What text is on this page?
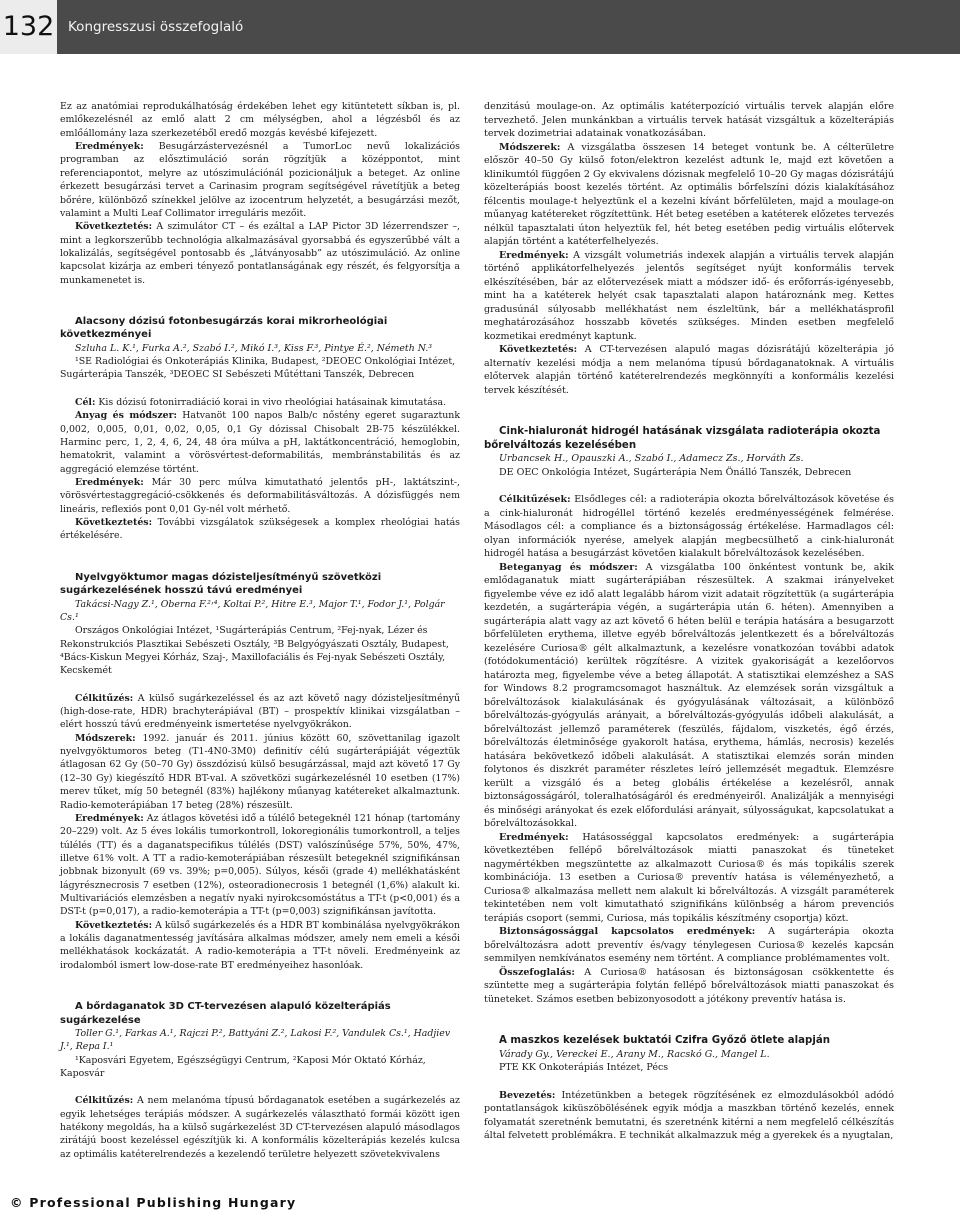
132 Kongresszusi összefoglaló

Ez az anatómiai reprodukálhatóság érdekében lehet egy kitüntetett síkban is, pl. emlőkezelésnél az emlő alatt 2 cm mélységben, ahol a légzésből és az emlőállomány laza szerkezetéből eredő mozgás kevésbé kifejezett.

Eredmények: Besugárzástervezésnél a TumorLoc nevű lokalizációs programban az elősztimuláció során rögzítjük a középpontot, mint referenciapontot, melyre az utószimulációnál pozicionáljuk a beteget. Az online érkezett besugárzási tervet a Carinasim program segítségével rávetítjük a beteg bőrére, különböző színekkel jelölve az izocentrum helyzetét, a besugárzási mezőt, valamint a Multi Leaf Collimator irreguláris mezőit.

Következtetés: A szimulátor CT – és ezáltal a LAP Pictor 3D lézerrendszer –, mint a legkorszerűbb technológia alkalmazásával gyorsabbá és egyszerűbbé vált a lokalizálás, segítségével pontosabb és „látványosabb” az utószimuláció. Az online kapcsolat kizárja az emberi tényező pontatlanságának egy részét, és felgyorsítja a munkamenetet is.

Alacsony dózisú fotonbesugárzás korai mikrorheológiai következményei

Szluha L. K.¹, Furka A.², Szabó I.², Mikó I.³, Kiss F.³, Pintye É.², Németh N.³

¹SE Radiológiai és Onkoterápiás Klinika, Budapest, ²DEOEC Onkológiai Intézet, Sugárterápia Tanszék, ³DEOEC SI Sebészeti Műtéttani Tanszék, Debrecen

Cél: Kis dózisú fotonirradiáció korai in vivo rheológiai hatásainak kimutatása.

Anyag és módszer: Hatvanöt 100 napos Balb/c nőstény egeret sugaraztunk 0,002, 0,005, 0,01, 0,02, 0,05, 0,1 Gy dózissal Chisobalt 2B-75 készülékkel. Harminc perc, 1, 2, 4, 6, 24, 48 óra múlva a pH, laktátkoncentráció, hemoglobin, hematokrit, valamint a vörösvértest-deformabilitás, membránstabilitás és az aggregáció elemzése történt.

Eredmények: Már 30 perc múlva kimutatható jelentős pH-, laktátszint-, vörösvértestaggregáció-csökkenés és deformabilitásváltozás. A dózisfüggés nem lineáris, reflexiós pont 0,01 Gy-nél volt mérhető.

Következtetés: További vizsgálatok szükségesek a komplex rheológiai hatás értékelésére.

Nyelvgyöktumor magas dózisteljesítményű szövetközi sugárkezelésének hosszú távú eredményei

Takácsi-Nagy Z.¹, Oberna F.²˒⁴, Koltai P.², Hitre E.³, Major T.¹, Fodor J.¹, Polgár Cs.¹

Országos Onkológiai Intézet, ¹Sugárterápiás Centrum, ²Fej-nyak, Lézer és Rekonstrukciós Plasztikai Sebészeti Osztály, ³B Belgyógyászati Osztály, Budapest, ⁴Bács-Kiskun Megyei Kórház, Szaj-, Maxillofaciális és Fej-nyak Sebészeti Osztály, Kecskemét

Célkitűzés: A külső sugárkezeléssel és az azt követő nagy dózisteljesítményű (high-dose-rate, HDR) brachyterápiával (BT) – prospektív klinikai vizsgálatban – elért hosszú távú eredményeink ismertetése nyelvgyökrákon.

Módszerek: 1992. január és 2011. június között 60, szövettanilag igazolt nyelvgyöktumoros beteg (T1-4N0-3M0) definitív célú sugárterápiáját végeztük átlagosan 62 Gy (50–70 Gy) összdózisú külső besugárzással, majd azt követő 17 Gy (12–30 Gy) kiegészítő HDR BT-val. A szövetközi sugárkezelésnél 10 esetben (17%) merev tűket, míg 50 betegnél (83%) hajlékony műanyag katétereket alkalmaztunk. Radio-kemoterápiában 17 beteg (28%) részesült.

Eredmények: Az átlagos követési idő a túlélő betegeknél 121 hónap (tartomány 20–229) volt. Az 5 éves lokális tumorkontroll, lokoregionális tumorkontroll, a teljes túlélés (TT) és a daganatspecifikus túlélés (DST) valószínűsége 57%, 50%, 47%, illetve 61% volt. A TT a radio-kemoterápiában részesült betegeknél szignifikánsan jobbnak bizonyult (69 vs. 39%; p=0,005). Súlyos, késői (grade 4) mellékhatásként lágyrésznecrosis 7 esetben (12%), osteoradionecrosis 1 betegnél (1,6%) alakult ki. Multivariációs elemzésben a negatív nyaki nyirokcsomóstátus a TT-t (p<0,001) és a DST-t (p=0,017), a radio-kemoterápia a TT-t (p=0,003) szignifikánsan javította.

Következtetés: A külső sugárkezelés és a HDR BT kombinálása nyelvgyökrákon a lokális daganatmentesség javítására alkalmas módszer, amely nem emeli a késői mellékhatások kockázatát. A radio-kemoterápia a TT-t növeli. Eredményeink az irodalomból ismert low-dose-rate BT eredményeihez hasonlóak.

A bőrdaganatok 3D CT-tervezésen alapuló közelterápiás sugárkezelése

Toller G.¹, Farkas A.¹, Rajczi P.², Battyáni Z.², Lakosi F.², Vandulek Cs.¹, Hadjiev J.¹, Repa I.¹

¹Kaposvári Egyetem, Egészségügyi Centrum, ²Kaposi Mór Oktató Kórház, Kaposvár

Célkitűzés: A nem melanóma típusú bőrdaganatok esetében a sugárkezelés az egyik lehetséges terápiás módszer. A sugárkezelés választható formái között igen hatékony megoldás, ha a külső sugárkezelést 3D CT-tervezésen alapuló másodlagos zirátájú boost kezeléssel egészítjük ki. A konformális közelterápiás kezelés kulcsa az optimális katéterelrendezés a kezelendő területre helyezett szövetekvivalens

denzitású moulage-on. Az optimális katéterpozíció virtuális tervek alapján előre tervezhető. Jelen munkánkban a virtuális tervek hatását vizsgáltuk a közelterápiás tervek dozimetriai adatainak vonatkozásában.

Módszerek: A vizsgálatba összesen 14 beteget vontunk be. A célterületre először 40–50 Gy külső foton/elektron kezelést adtunk le, majd ezt követően a klinikumtól függően 2 Gy ekvivalens dózisnak megfelelő 10–20 Gy magas dózisrátájú közelterápiás boost kezelés történt. Az optimális bőrfelszíni dózis kialakításához félcentis moulage-t helyeztünk el a kezelni kívánt bőrfelületen, majd a moulage-on műanyag katétereket rögzítettünk. Hét beteg esetében a katéterek előzetes tervezés nélkül tapasztalati úton helyeztük fel, hét beteg esetében pedig virtuális előtervek alapján történt a katéterfelhelyezés.

Eredmények: A vizsgált volumetriás indexek alapján a virtuális tervek alapján történő applikátorfelhelyezés jelentős segítséget nyújt konformális tervek elkészítésében, bár az előtervezések miatt a módszer idő- és erőforrás-igényesebb, mint ha a katéterek helyét csak tapasztalati alapon határoznánk meg. Kettes gradusúnál súlyosabb mellékhatást nem észleltünk, bár a mellékhatásprofil meghatározásához hosszabb követés szükséges. Minden esetben megfelelő kozmetikai eredményt kaptunk.

Következtetés: A CT-tervezésen alapuló magas dózisrátájú közelterápia jó alternatív kezelési módja a nem melanóma típusú bőrdaganatoknak. A virtuális előtervek alapján történő katéterelrendezés megkönnyíti a konformális kezelési tervek készítését.

Cink-hialuronát hidrogél hatásának vizsgálata radioterápia okozta bőrelváltozás kezelésében

Urbancsek H., Opauszki A., Szabó I., Adamecz Zs., Horváth Zs.

DE OEC Onkológia Intézet, Sugárterápia Nem Önálló Tanszék, Debrecen

Célkitűzések: Elsődleges cél: a radioterápia okozta bőrelváltozások követése és a cink-hialuronát hidrogéllel történő kezelés eredményességének felmérése. Másodlagos cél: a compliance és a biztonságosság értékelése. Harmadlagos cél: olyan információk nyerése, amelyek alapján megbecsülhető a cink-hialuronát hidrogél hatása a besugárzást követően kialakult bőrelváltozások kezelésében.

Beteganyag és módszer: A vizsgálatba 100 önkéntest vontunk be, akik emlődaganatuk miatt sugárterápiában részesültek. A szakmai irányelveket figyelembe véve ez idő alatt legalább három vizit adatait rögzítettük (a sugárterápia kezdetén, a sugárterápia végén, a sugárterápia után 6. héten). Amennyiben a sugárterápia alatt vagy az azt követő 6 héten belül e terápia hatására a besugarzott bőrfelületen erythema, illetve egyéb bőrelváltozás jelentkezett és a bőrelváltozás kezelésére Curiosa® gélt alkalmaztunk, a kezelésre vonatkozóan további adatok (fotódokumentáció) kerültek rögzítésre. A vizitek gyakoriságát a kezelőorvos határozta meg, figyelembe véve a beteg állapotát. A statisztikai elemzéshez a SAS for Windows 8.2 programcsomagot használtuk. Az elemzések során vizsgáltuk a bőrelváltozások kialakulásának és gyógyulásának változásait, a különböző bőrelváltozás-gyógyulás arányait, a bőrelváltozás-gyógyulás időbeli alakulását, a bőrelváltozást jellemző paraméterek (feszülés, fájdalom, viszketés, égő érzés, bőrelváltozás életminősége gyakorolt hatása, erythema, hámlás, necrosis) kezelés hatására bekövetkező időbeli alakulását. A statisztikai elemzés során minden folytonos és diszkrét paraméter részletes leíró jellemzését megadtuk. Elemzésre került a vizsgáló és a beteg globális értékelése a kezelésről, annak biztonságosságáról, toleralhatóságáról és eredményeiről. Analizálják a mennyiségi és minőségi arányokat és ezek előfordulási arányait, súlyosságukat, kapcsolatukat a bőrelváltozásokkal.

Eredmények: Hatásosséggal kapcsolatos eredmények: a sugárterápia következtében fellépő bőrelváltozások miatti panaszokat és tüneteket nagymértékben megszüntette az alkalmazott Curiosa® és más topikális szerek kombinációja. 13 esetben a Curiosa® preventív hatása is véleményezhető, a Curiosa® alkalmazása mellett nem alakult ki bőrelváltozás. A vizsgált paraméterek tekintetében nem volt kimutatható szignifikáns különbség a három prevenciós terápiás csoport (semmi, Curiosa, más topikális készítmény csoportja) közt.

Biztonságossággal kapcsolatos eredmények: A sugárterápia okozta bőrelváltozásra adott preventív és/vagy ténylegesen Curiosa® kezelés kapcsán semmilyen nemkívánatos esemény nem történt. A compliance problémamentes volt.

Összefoglalás: A Curiosa® hatásosan és biztonságosan csökkentette és szüntette meg a sugárterápia folytán fellépő bőrelváltozások miatti panaszokat és tüneteket. Számos esetben bebizonyosodott a jótékony preventív hatása is.

A maszkos kezelések buktatói Czifra Győző ötlete alapján

Várady Gy., Vereckei E., Arany M., Racskó G., Mangel L.

PTE KK Onkoterápiás Intézet, Pécs

Bevezetés: Intézetünkben a betegek rögzítésének ez elmozdulásokból adódó pontatlanságok kiküszöbölésének egyik módja a maszkban történő kezelés, ennek folyamatát szeretnénk bemutatni, és szeretnénk kitérni a nem megfelelő célkészítás által felvetett problémákra. E technikát alkalmazzuk még a gyerekek és a nyugtalan,

© Professional Publishing Hungary
